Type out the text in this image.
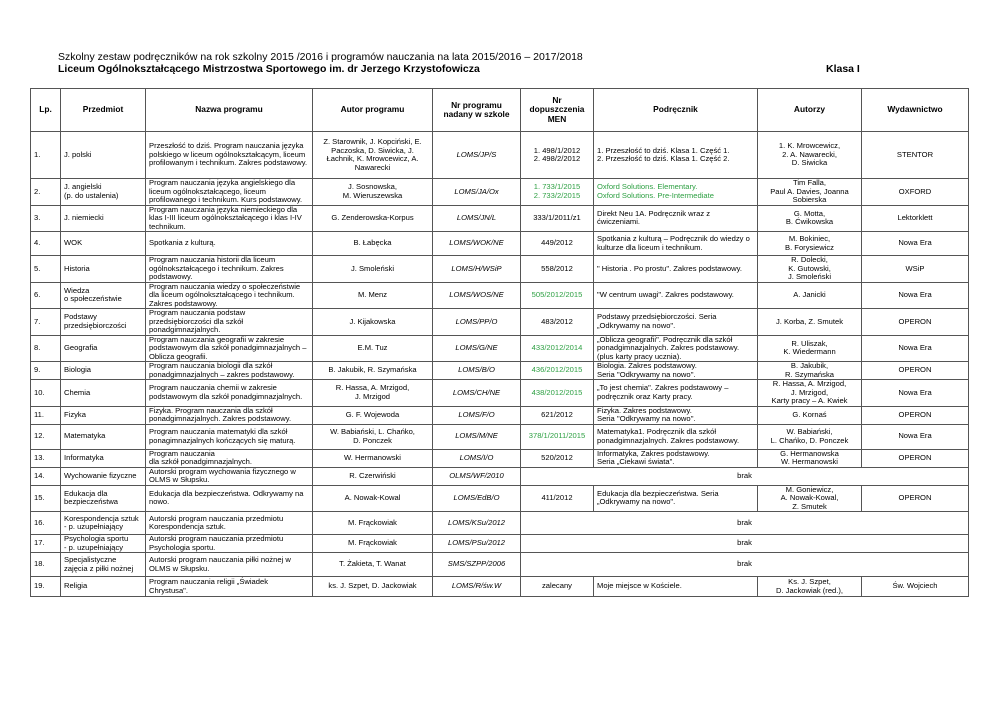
Szkolny zestaw podręczników na rok szkolny 2015 /2016 i programów nauczania na lata 2015/2016 – 2017/2018
Liceum Ogólnokształcącego Mistrzostwa Sportowego im. dr Jerzego Krzystofowicza	Klasa I
Lp.	Przedmiot	Nazwa programu	Autor programu	Nr programu nadany w szkole	Nr dopuszczenia MEN	Podręcznik	Autorzy	Wydawnictwo
1.	J. polski	Przeszłość to dziś. Program nauczania języka polskiego w liceum ogólnokształcącym, liceum profilowanym i technikum. Zakres podstawowy.	Z. Starownik, J. Kopciński, E. Paczoska, D. Siwicka, J. Łachnik, K. Mrowcewicz, A. Nawarecki	LOMS/JP/S	1. 498/1/2012
2. 498/2/2012	1. Przeszłość to dziś. Klasa 1. Część 1.
2. Przeszłość to dziś. Klasa 1. Część 2.	1. K. Mrowcewicz,
2. A. Nawarecki,
D. Siwicka	STENTOR
2.	J. angielski
(p. do ustalenia)	Program nauczania języka angielskiego dla liceum ogólnokształcącego, liceum profilowanego i technikum. Kurs podstawowy.	J. Sosnowska,
M. Wieruszewska	LOMS/JA/Ox	1. 733/1/2015
2. 733/2/2015	Oxford Solutions. Elementary.
Oxford Solutions. Pre-Intermediate	Tim Falla,
Paul A. Davies, Joanna Sobierska	OXFORD
3.	J. niemiecki	Program nauczania języka niemieckiego dla klas I-III liceum ogólnokształcącego i klas I-IV technikum.	G. Zenderowska-Korpus	LOMS/JN/L	333/1/2011/z1	Direkt Neu 1A. Podręcznik wraz z ćwiczeniami.	G. Motta,
B. Ćwikowska	Lektorklett
4.	WOK	Spotkania z kulturą.	B. Łabęcka	LOMS/WOK/NE	449/2012	Spotkania z kulturą – Podręcznik do wiedzy o kulturze dla liceum i technikum.	M. Bokiniec,
B. Forysiewicz	Nowa Era
5.	Historia	Program nauczania historii dla liceum ogólnokształcącego i technikum. Zakres podstawowy.	J. Smoleński	LOMS/H/WSiP	558/2012	" Historia . Po prostu". Zakres podstawowy.	R. Dolecki,
K. Gutowski,
J. Smoleński	WSiP
6.	Wiedza
o społeczeństwie	Program nauczania wiedzy o społeczeństwie dla liceum ogólnokształcącego i technikum. Zakres podstawowy.	M. Menz	LOMS/WOS/NE	505/2012/2015	"W centrum uwagi". Zakres podstawowy.	A. Janicki	Nowa Era
7.	Podstawy przedsiębiorczości	Program nauczania podstaw przedsiębiorczości dla szkół ponadgimnazjalnych.	J. Kijakowska	LOMS/PP/O	483/2012	Podstawy przedsiębiorczości. Seria „Odkrywamy na nowo".	J. Korba, Z. Smutek	OPERON
8.	Geografia	Program nauczania geografii w zakresie podstawowym dla szkół ponadgimnazjalnych – Oblicza geografii.	E.M. Tuz	LOMS/G/NE	433/2012/2014	„Oblicza geografii". Podręcznik dla szkół ponadgimnazjalnych. Zakres podstawowy. (plus karty pracy ucznia).	R. Uliszak,
K. Wiedermann	Nowa Era
9.	Biologia	Program nauczania biologii dla szkół ponadgimnazjalnych – zakres podstawowy.	B. Jakubik, R. Szymańska	LOMS/B/O	436/2012/2015	Biologia. Zakres podstawowy.
Seria ''Odkrywamy na nowo''.	B. Jakubik,
R. Szymańska	OPERON
10.	Chemia	Program nauczania chemii w zakresie podstawowym dla szkół ponadgimnazjalnych.	R. Hassa, A. Mrzigod,
J. Mrzigod	LOMS/CH/NE	438/2012/2015	„To jest chemia". Zakres podstawowy – podręcznik oraz Karty pracy.	R. Hassa, A. Mrzigod,
J. Mrzigod,
Karty pracy – A. Kwiek	Nowa Era
11.	Fizyka	Fizyka. Program nauczania dla szkół ponadgimnazjalnych. Zakres podstawowy.	G. F. Wojewoda	LOMS/F/O	621/2012	Fizyka. Zakres podstawowy.
Seria ''Odkrywamy na nowo''.	G. Kornaś	OPERON
12.	Matematyka	Program nauczania matematyki dla szkół ponagimnazjalnych kończących się maturą.	W. Babiański, L. Chańko,
D. Ponczek	LOMS/M/NE	378/1/2011/2015	Matematyka1. Podręcznik dla szkół ponadgimnazjalnych. Zakres podstawowy.	W. Babiański,
L. Chańko, D. Ponczek	Nowa Era
13.	Informatyka	Program nauczania
dla szkół ponadgimnazjalnych.	W. Hermanowski	LOMS/I/O	520/2012	Informatyka, Zakres podstawowy.
Seria „Ciekawi świata".	G. Hermanowska
W. Hermanowski	OPERON
14.	Wychowanie fizyczne	Autorski program wychowania fizycznego w OLMS w Słupsku.	R. Czerwiński	OLMS/WF/2010	brak			
15.	Edukacja dla bezpieczeństwa	Edukacja dla bezpieczeństwa. Odkrywamy na nowo.	A. Nowak-Kowal	LOMS/EdB/O	411/2012	Edukacja dla bezpieczeństwa. Seria „Odkrywamy na nowo".	M. Goniewicz,
A. Nowak-Kowal,
Z. Smutek	OPERON
16.	Korespondencja sztuk
- p. uzupełniający	Autorski program nauczania przedmiotu Korespondencja sztuk.	M. Frąckowiak	LOMS/KSu/2012	brak			
17.	Psychologia sportu
- p. uzupełniający	Autorski program nauczania przedmiotu Psychologia sportu.	M. Frąckowiak	LOMS/PSu/2012	brak			
18.	Specjalistyczne zajęcia z piłki nożnej	Autorski program nauczania piłki nożnej w OLMS w Słupsku.	T. Żakieta, T. Wanat	SMS/SZPP/2006	brak			
19.	Religia	Program nauczania religii „Świadek Chrystusa".	ks. J. Szpet, D. Jackowiak	LOMS/R/św.W	zalecany	Moje miejsce w Kościele.	Ks. J. Szpet,
D. Jackowiak (red.),	Św. Wojciech
